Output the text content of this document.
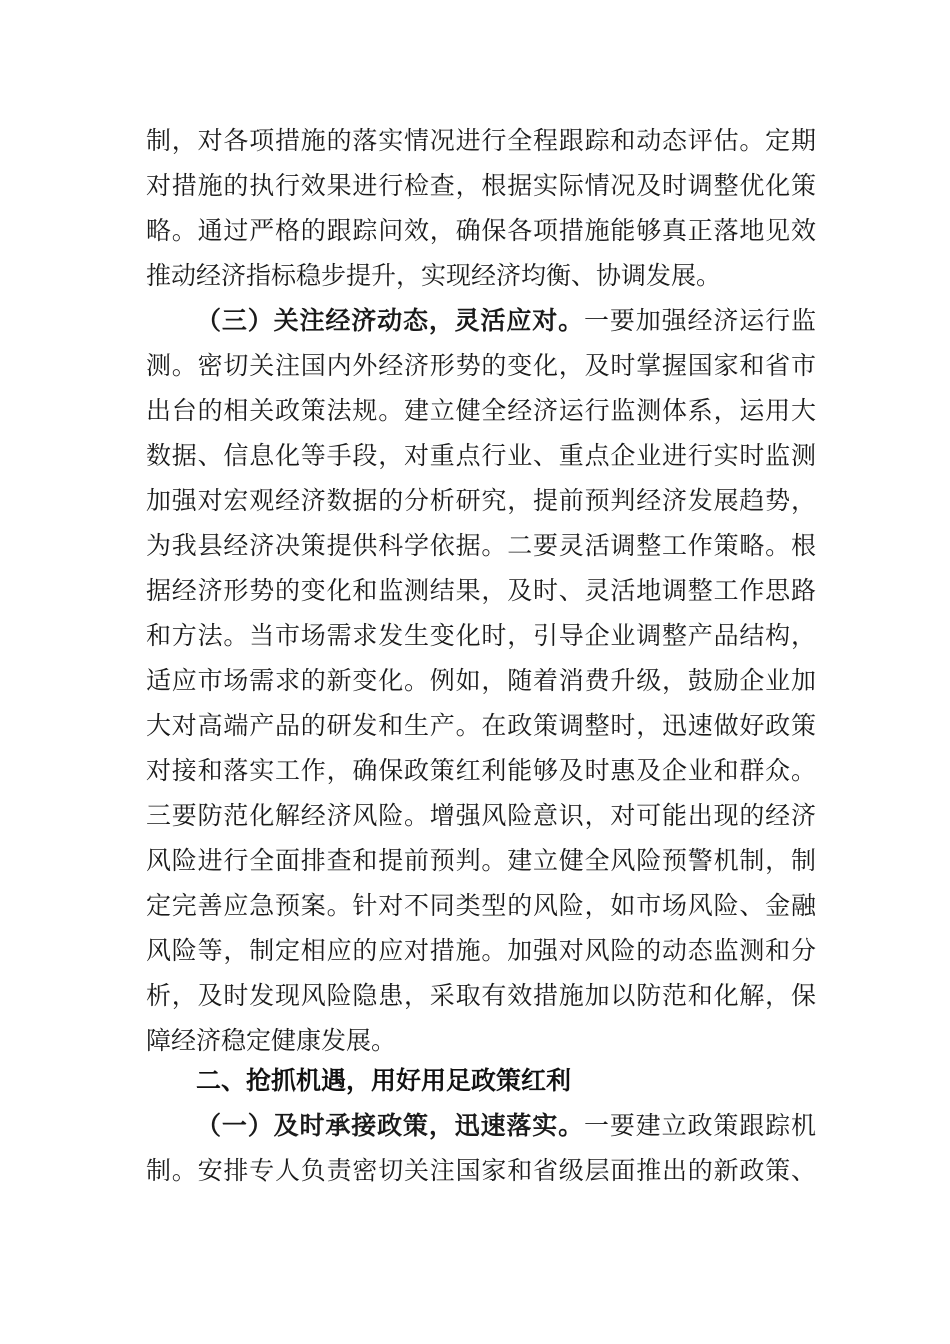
制，对各项措施的落实情况进行全程跟踪和动态评估。定期
对措施的执行效果进行检查，根据实际情况及时调整优化策
略。通过严格的跟踪问效，确保各项措施能够真正落地见效
推动经济指标稳步提升，实现经济均衡、协调发展。
（三）关注经济动态，灵活应对。一要加强经济运行监
测。密切关注国内外经济形势的变化，及时掌握国家和省市
出台的相关政策法规。建立健全经济运行监测体系，运用大
数据、信息化等手段，对重点行业、重点企业进行实时监测
加强对宏观经济数据的分析研究，提前预判经济发展趋势，
为我县经济决策提供科学依据。二要灵活调整工作策略。根
据经济形势的变化和监测结果，及时、灵活地调整工作思路
和方法。当市场需求发生变化时，引导企业调整产品结构，
适应市场需求的新变化。例如，随着消费升级，鼓励企业加
大对高端产品的研发和生产。在政策调整时，迅速做好政策
对接和落实工作，确保政策红利能够及时惠及企业和群众。
三要防范化解经济风险。增强风险意识，对可能出现的经济
风险进行全面排查和提前预判。建立健全风险预警机制，制
定完善应急预案。针对不同类型的风险，如市场风险、金融
风险等，制定相应的应对措施。加强对风险的动态监测和分
析，及时发现风险隐患，采取有效措施加以防范和化解，保
障经济稳定健康发展。
二、抢抓机遇，用好用足政策红利
（一）及时承接政策，迅速落实。一要建立政策跟踪机
制。安排专人负责密切关注国家和省级层面推出的新政策、
